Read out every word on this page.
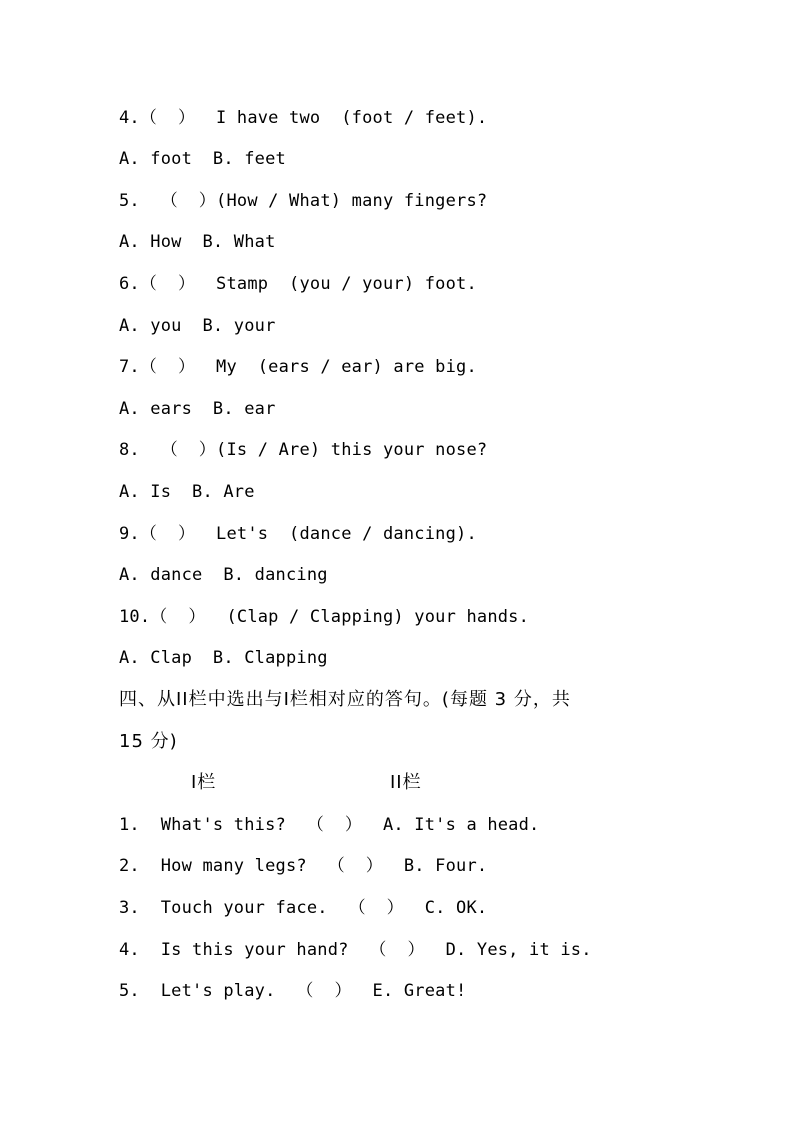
4.（  ）  I have two  (foot / feet).
A. foot  B. feet
5.  （  ）(How / What) many fingers?
A. How  B. What
6.（  ）  Stamp  (you / your) foot.
A. you  B. your
7.（  ）  My  (ears / ear) are big.
A. ears  B. ear
8.  （  ）(Is / Are) this your nose?
A. Is  B. Are
9.（  ）  Let's  (dance / dancing).
A. dance  B. dancing
10.（  ）  (Clap / Clapping) your hands.
A. Clap  B. Clapping
四、从II栏中选出与I栏相对应的答句。(每题 3 分，共
15 分)
I栏	II栏
1.  What's this?  （  ）  A. It's a head.
2.  How many legs?  （  ）  B. Four.
3.  Touch your face.  （  ）  C. OK.
4.  Is this your hand?  （  ）  D. Yes, it is.
5.  Let's play.  （  ）  E. Great!
